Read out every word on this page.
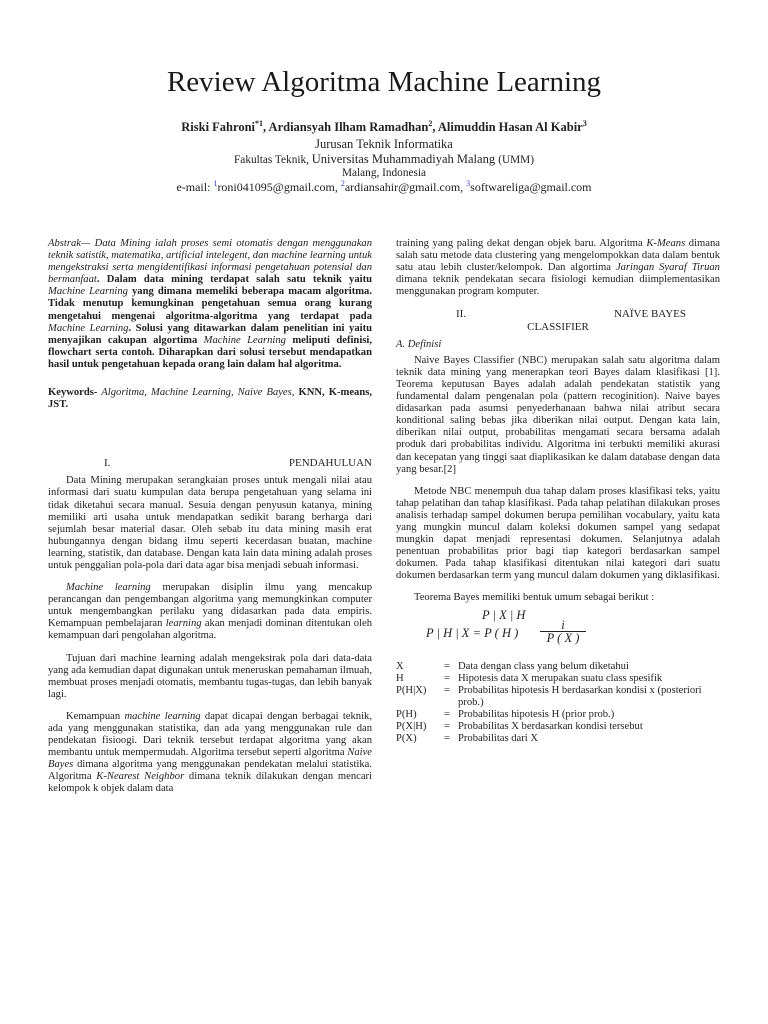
Review Algoritma Machine Learning
Riski Fahroni$^{*1}$, Ardiansyah Ilham Ramadhan$^2$, Alimuddin Hasan Al Kabir$^3$
Jurusan Teknik Informatika
Fakultas Teknik, Universitas Muhammadiyah Malang (UMM)
Malang, Indonesia
e-mail: $^1$roni041095@gmail.com, $^2$ardiansahir@gmail.com, $^3$softwareliga@gmail.com

Abstrak— Data Mining ialah proses semi otomatis dengan menggunakan teknik satistik, matematika, artificial intelegent, dan machine learning untuk mengekstraksi serta mengidentifikasi informasi pengetahuan potensial dan bermanfaat. Dalam data mining terdapat salah satu teknik yaitu Machine Learning yang dimana memeliki beberapa macam algoritma. Tidak menutup kemungkinan pengetahuan semua orang kurang mengetahui mengenai algoritma-algoritma yang terdapat pada Machine Learning. Solusi yang ditawarkan dalam penelitian ini yaitu menyajikan cakupan algortima Machine Learning meliputi definisi, flowchart serta contoh. Diharapkan dari solusi tersebut mendapatkan hasil untuk pengetahuan kepada orang lain dalam hal algoritma.

Keywords- Algoritma, Machine Learning, Naive Bayes, KNN, K-means, JST.

I.	PENDAHULUAN

Data Mining merupakan serangkaian proses untuk mengali nilai atau informasi dari suatu kumpulan data berupa pengetahuan yang selama ini tidak diketahui secara manual. Sesuia dengan penyusun katanya, mining memiliki arti usaha untuk mendapatkan sedikit barang berharga dari sejumlah besar material dasar. Oleh sebab itu data mining masih erat hubungannya dengan bidang ilmu seperti kecerdasan buatan, machine learning, statistik, dan database. Dengan kata lain data mining adalah proses untuk penggalian pola-pola dari data agar bisa menjadi sebuah informasi.

Machine learning merupakan disiplin ilmu yang mencakup perancangan dan pengembangan algoritma yang memungkinkan computer untuk mengembangkan perilaku yang didasarkan pada data empiris. Kemampuan pembelajaran learning akan menjadi dominan ditentukan oleh kemampuan dari pengolahan algoritma.

Tujuan dari machine learning adalah mengekstrak pola dari data-data yang ada kemudian dapat digunakan untuk meneruskan pemahaman ilmuah, membuat proses menjadi otomatis, membantu tugas-tugas, dan lebih banyak lagi.

Kemampuan machine learning dapat dicapai dengan berbagai teknik, ada yang menggunakan statistika, dan ada yang menggunakan rule dan pendekatan fisioogi. Dari teknik tersebut terdapat algoritma yang akan membantu untuk mempermudah. Algoritma tersebut seperti algoritma Naive Bayes dimana algoritma yang menggunakan pendekatan melalui statistika. Algoritma K-Nearest Neighbor dimana teknik dilakukan dengan mencari kelompok k objek dalam data

training yang paling dekat dengan objek baru. Algoritma K-Means dimana salah satu metode data clustering yang mengelompokkan data dalam bentuk satu atau lebih cluster/kelompok. Dan algortima Jaringan Syaraf Tiruan dimana teknik pendekatan secara fisiologi kemudian diimplementasikan menggunakan program komputer.

II.	NAÏVE BAYES
CLASSIFIER
A. Definisi

Naive Bayes Classifier (NBC) merupakan salah satu algoritma dalam teknik data mining yang menerapkan teori Bayes dalam klasifikasi [1]. Teorema keputusan Bayes adalah adalah pendekatan statistik yang fundamental dalam pengenalan pola (pattern recoginition). Naive bayes didasarkan pada asumsi penyederhanaan bahwa nilai atribut secara konditional saling bebas jika diberikan nilai output. Dengan kata lain, diberikan nilai output, probabilitas mengamati secara bersama adalah produk dari probabilitas individu. Algoritma ini terbukti memiliki akurasi dan kecepatan yang tinggi saat diaplikasikan ke dalam database dengan data yang besar.[2]

Metode NBC menempuh dua tahap dalam proses klasifikasi teks, yaitu tahap pelatihan dan tahap klasifikasi. Pada tahap pelatihan dilakukan proses analisis terhadap sampel dokumen berupa pemilihan vocabulary, yaitu kata yang mungkin muncul dalam koleksi dokumen sampel yang sedapat mungkin dapat menjadi representasi dokumen. Selanjutnya adalah penentuan probabilitas prior bagi tiap kategori berdasarkan sampel dokumen. Pada tahap klasifikasi ditentukan nilai kategori dari suatu dokumen berdasarkan term yang muncul dalam dokumen yang diklasifikasi.

Teorema Bayes memiliki bentuk umum sebagai berikut :

P | X | H
P | H | X = P ( H ) $\frac{i}{P ( X )}$
X	=	Data dengan class yang belum diketahui
H	=	Hipotesis data X merupakan suatu class spesifik
P(H|X)	=	Probabilitas hipotesis H berdasarkan kondisi x (posteriori prob.)
P(H)	=	Probabilitas hipotesis H (prior prob.)
P(X|H)	=	Probabilitas X berdasarkan kondisi tersebut
P(X)	=	Probabilitas dari X
